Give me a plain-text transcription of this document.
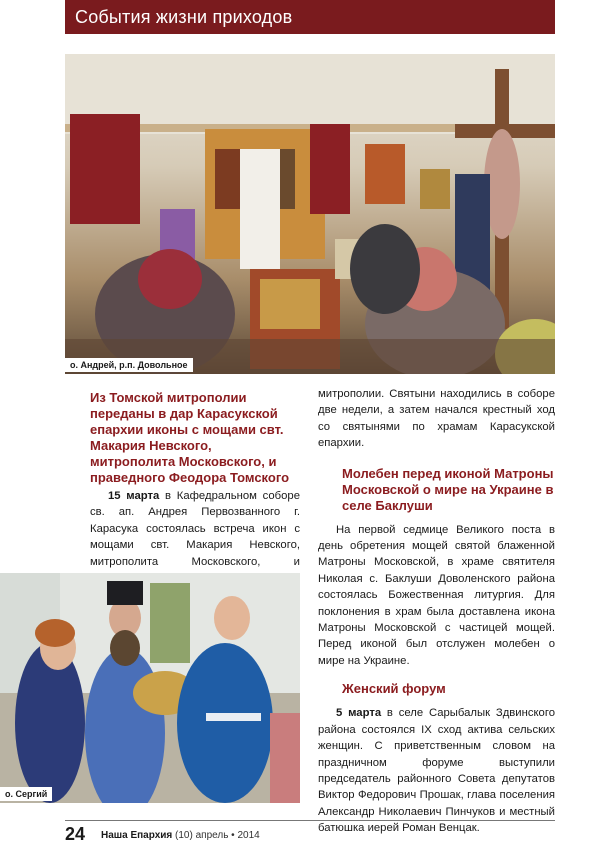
События жизни приходов
о. Андрей, р.п. Довольное

Из Томской митрополии переданы в дар Карасукской епархии иконы с мощами свт. Макария Невского, митрополита Московского, и праведного Феодора Томского

15 марта в Кафедральном соборе св. ап. Андрея Первозванного г. Карасука состоялась встреча икон с мощами свт. Макария Невского, митрополита Московского, и

митрополии. Святыни находились в соборе две недели, а затем начался крестный ход со святынями по храмам Карасукской епархии.

Молебен перед иконой Матроны Московской о мире на Украине в селе Баклуши

На первой седмице Великого поста в день обретения мощей святой блаженной Матроны Московской, в храме святителя Николая с. Баклуши Доволенского района состоялась Божественная литургия. Для поклонения в храм была доставлена икона Матроны Московской с частицей мощей. Перед иконой был отслужен молебен о мире на Украине.

Женский форум

5 марта в селе Сарыбалык Здвинского района состоялся IX сход актива сельских женщин. С приветственным словом на праздничном форуме выступили председатель районного Совета депутатов Виктор Федорович Прошак, глава поселения Александр Николаевич Пинчуков и местный батюшка иерей Роман Венцак.

о. Сергий
24 Наша Епархия (10) апрель • 2014
